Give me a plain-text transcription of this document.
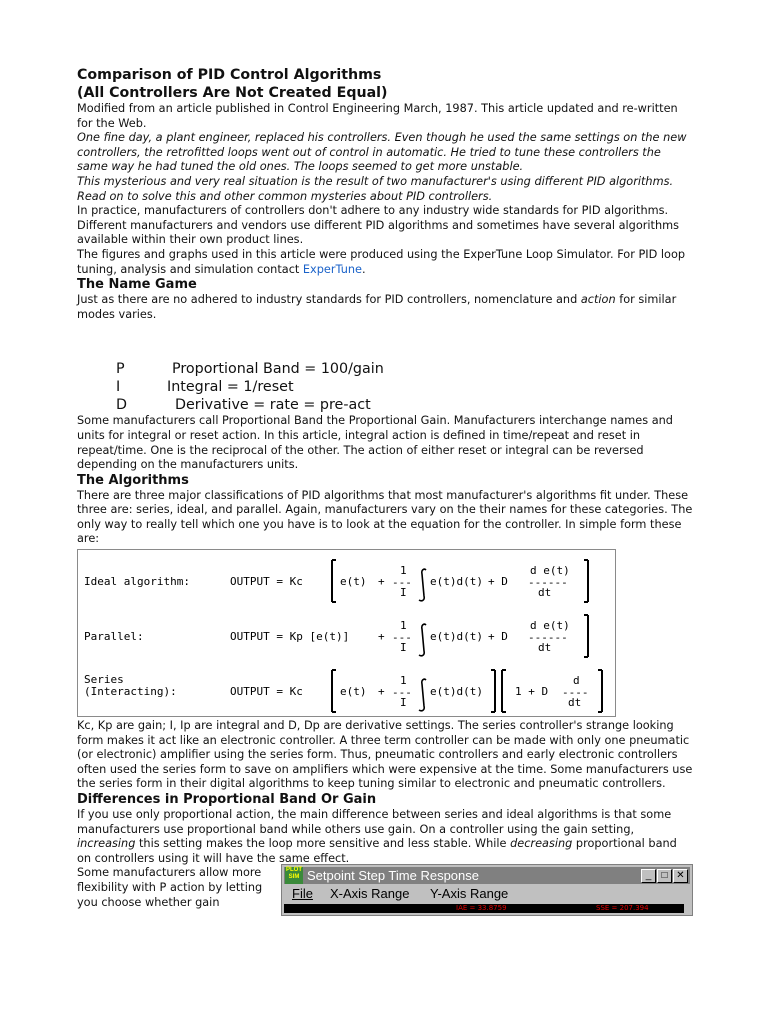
Comparison of PID Control Algorithms
(All Controllers Are Not Created Equal)

Modified from an article published in Control Engineering March, 1987. This article updated and re-written for the Web.

One fine day, a plant engineer, replaced his controllers. Even though he used the same settings on the new controllers, the retrofitted loops went out of control in automatic. He tried to tune these controllers the same way he had tuned the old ones. The loops seemed to get more unstable.

This mysterious and very real situation is the result of two manufacturer's using different PID algorithms. Read on to solve this and other common mysteries about PID controllers.

In practice, manufacturers of controllers don't adhere to any industry wide standards for PID algorithms. Different manufacturers and vendors use different PID algorithms and sometimes have several algorithms available within their own product lines.

The figures and graphs used in this article were produced using the ExperTune Loop Simulator. For PID loop tuning, analysis and simulation contact ExperTune.

The Name Game

Just as there are no adhered to industry standards for PID controllers, nomenclature and action for similar modes varies.

P	Proportional Band = 100/gain
I	Integral = 1/reset
D	Derivative = rate = pre-act

Some manufacturers call Proportional Band the Proportional Gain. Manufacturers interchange names and units for integral or reset action. In this article, integral action is defined in time/repeat and reset in repeat/time. One is the reciprocal of the other. The action of either reset or integral can be reversed depending on the manufacturers units.

The Algorithms

There are three major classifications of PID algorithms that most manufacturer's algorithms fit under. These three are: series, ideal, and parallel. Again, manufacturers vary on the their names for these categories. The only way to really tell which one you have is to look at the equation for the controller. In simple form these are:

Ideal algorithm:	OUTPUT = Kc	e(t) +
1
---
I
e(t)d(t) + D
d e(t)
------
dt
Parallel:	OUTPUT = Kp [e(t)]	+
1
---
I
e(t)d(t) + D
d e(t)
------
dt
Series
(Interacting):	OUTPUT = Kc	e(t) +
1
---
I
e(t)d(t)	1 + D
d
----
dt

Kc, Kp are gain; I, Ip are integral and D, Dp are derivative settings. The series controller's strange looking form makes it act like an electronic controller. A three term controller can be made with only one pneumatic (or electronic) amplifier using the series form. Thus, pneumatic controllers and early electronic controllers often used the series form to save on amplifiers which were expensive at the time. Some manufacturers use the series form in their digital algorithms to keep tuning similar to electronic and pneumatic controllers.

Differences in Proportional Band Or Gain

If you use only proportional action, the main difference between series and ideal algorithms is that some manufacturers use proportional band while others use gain. On a controller using the gain setting, increasing this setting makes the loop more sensitive and less stable. While decreasing proportional band on controllers using it will have the same effect.

Some manufacturers allow more flexibility with P action by letting you choose whether gain

PLOT
SIM Setpoint Step Time Response	_	□ ✕
File X-Axis Range Y-Axis Range
IAE = 33.8759	SSE = 207.394
